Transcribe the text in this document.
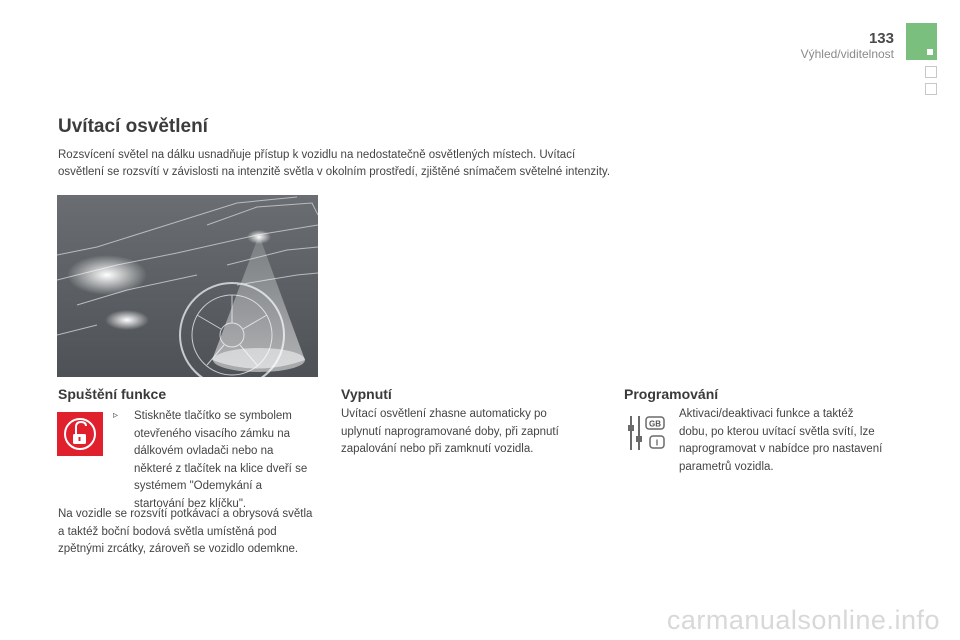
133
Výhled/viditelnost
Uvítací osvětlení

Rozsvícení světel na dálku usnadňuje přístup k vozidlu na nedostatečně osvětlených místech. Uvítací osvětlení se rozsvítí v závislosti na intenzitě světla v okolním prostředí, zjištěné snímačem světelné intenzity.

Spuštění funkce
▹ Stiskněte tlačítko se symbolem otevřeného visacího zámku na dálkovém ovladači nebo na některé z tlačítek na klice dveří se systémem "Odemykání a startování bez klíčku".

Na vozidle se rozsvítí potkávací a obrysová světla a taktéž boční bodová světla umístěná pod zpětnými zrcátky, zároveň se vozidlo odemkne.

Vypnutí

Uvítací osvětlení zhasne automaticky po uplynutí naprogramované doby, při zapnutí zapalování nebo při zamknutí vozidla.

Programování
GB
I

Aktivaci/deaktivaci funkce a taktéž dobu, po kterou uvítací světla svítí, lze naprogramovat v nabídce pro nastavení parametrů vozidla.

carmanualsonline.info
